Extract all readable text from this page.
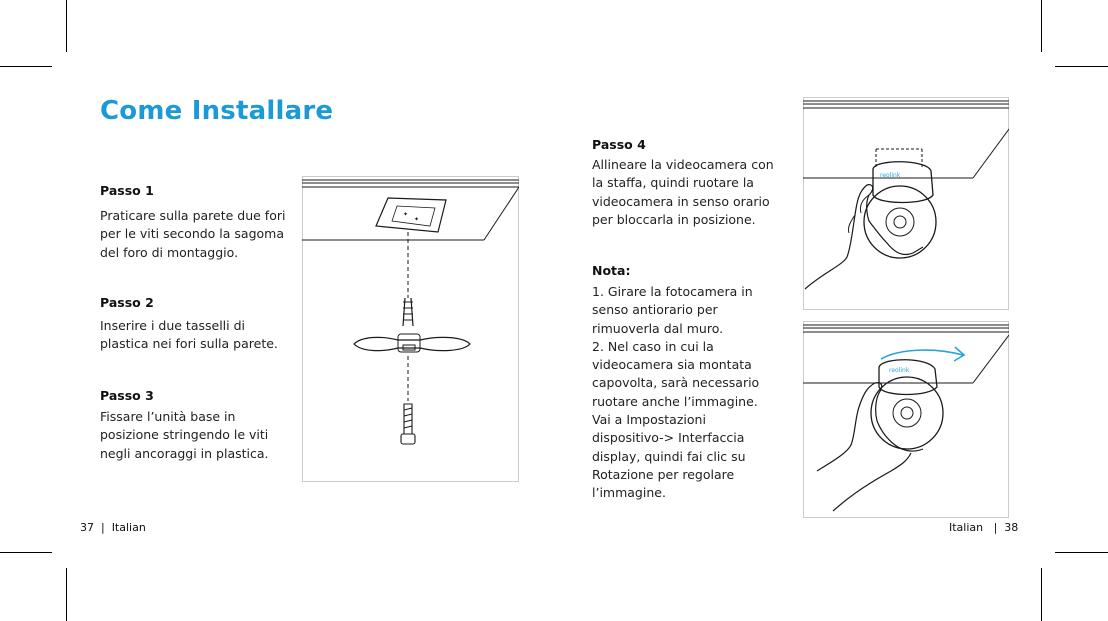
Come Installare

Passo 1

Praticare sulla parete due fori per le viti secondo la sagoma del foro di montaggio.

Passo 2

Inserire i due tasselli di plastica nei fori sulla parete.

Passo 3

Fissare l’unità base in posizione stringendo le viti negli ancoraggi in plastica.

Passo 4

Allineare la videocamera con la staffa, quindi ruotare la videocamera in senso orario per bloccarla in posizione.

Nota:

1. Girare la fotocamera in senso antiorario per rimuoverla dal muro.
2. Nel caso in cui la videocamera sia montata capovolta, sarà necessario ruotare anche l’immagine. Vai a Impostazioni dispositivo-> Interfaccia display, quindi fai clic su Rotazione per regolare l’immagine.

37  |  Italian	Italian   |  38
✦
✦
reolink
reolink
